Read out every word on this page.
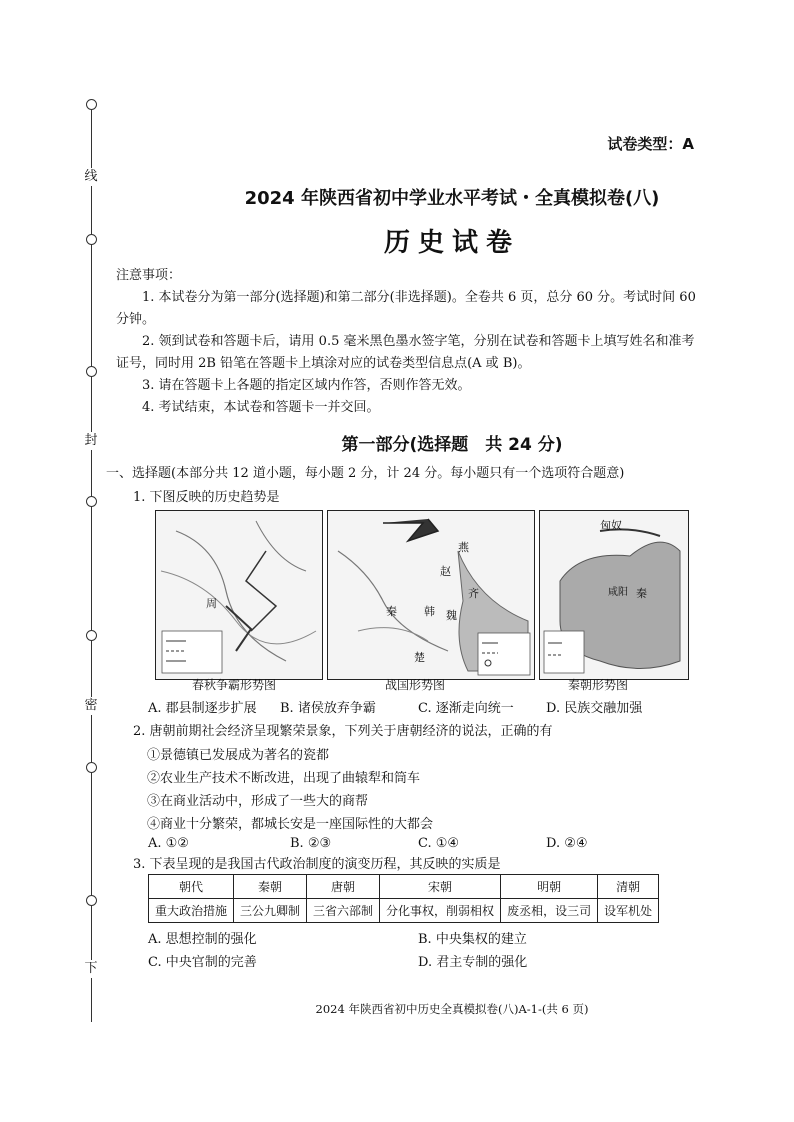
线
封
密
下
试卷类型：A
2024 年陕西省初中学业水平考试・全真模拟卷(八)
历史试卷
注意事项：

1. 本试卷分为第一部分(选择题)和第二部分(非选择题)。全卷共 6 页，总分 60 分。考试时间 60 分钟。

2. 领到试卷和答题卡后，请用 0.5 毫米黑色墨水签字笔，分别在试卷和答题卡上填写姓名和准考证号，同时用 2B 铅笔在答题卡上填涂对应的试卷类型信息点(A 或 B)。

3. 请在答题卡上各题的指定区域内作答，否则作答无效。

4. 考试结束，本试卷和答题卡一并交回。

第一部分(选择题　共 24 分)
一、选择题(本部分共 12 道小题，每小题 2 分，计 24 分。每小题只有一个选项符合题意)
1. 下图反映的历史趋势是
周
燕
赵
齐
秦 韩 魏
楚
匈奴
秦
咸阳
春秋争霸形势图	战国形势图	秦朝形势图
A. 郡县制逐步扩展 B. 诸侯放弃争霸	C. 逐渐走向统一 D. 民族交融加强
2. 唐朝前期社会经济呈现繁荣景象，下列关于唐朝经济的说法，正确的有
①景德镇已发展成为著名的瓷都
②农业生产技术不断改进，出现了曲辕犁和筒车
③在商业活动中，形成了一些大的商帮
④商业十分繁荣，都城长安是一座国际性的大都会
A. ①②	B. ②③	C. ①④	D. ②④
3. 下表呈现的是我国古代政治制度的演变历程，其反映的实质是
朝代	秦朝	唐朝	宋朝	明朝	清朝
重大政治措施	三公九卿制	三省六部制	分化事权，削弱相权	废丞相，设三司	设军机处
A. 思想控制的强化	B. 中央集权的建立
C. 中央官制的完善	D. 君主专制的强化
2024 年陕西省初中历史全真模拟卷(八)A-1-(共 6 页)
